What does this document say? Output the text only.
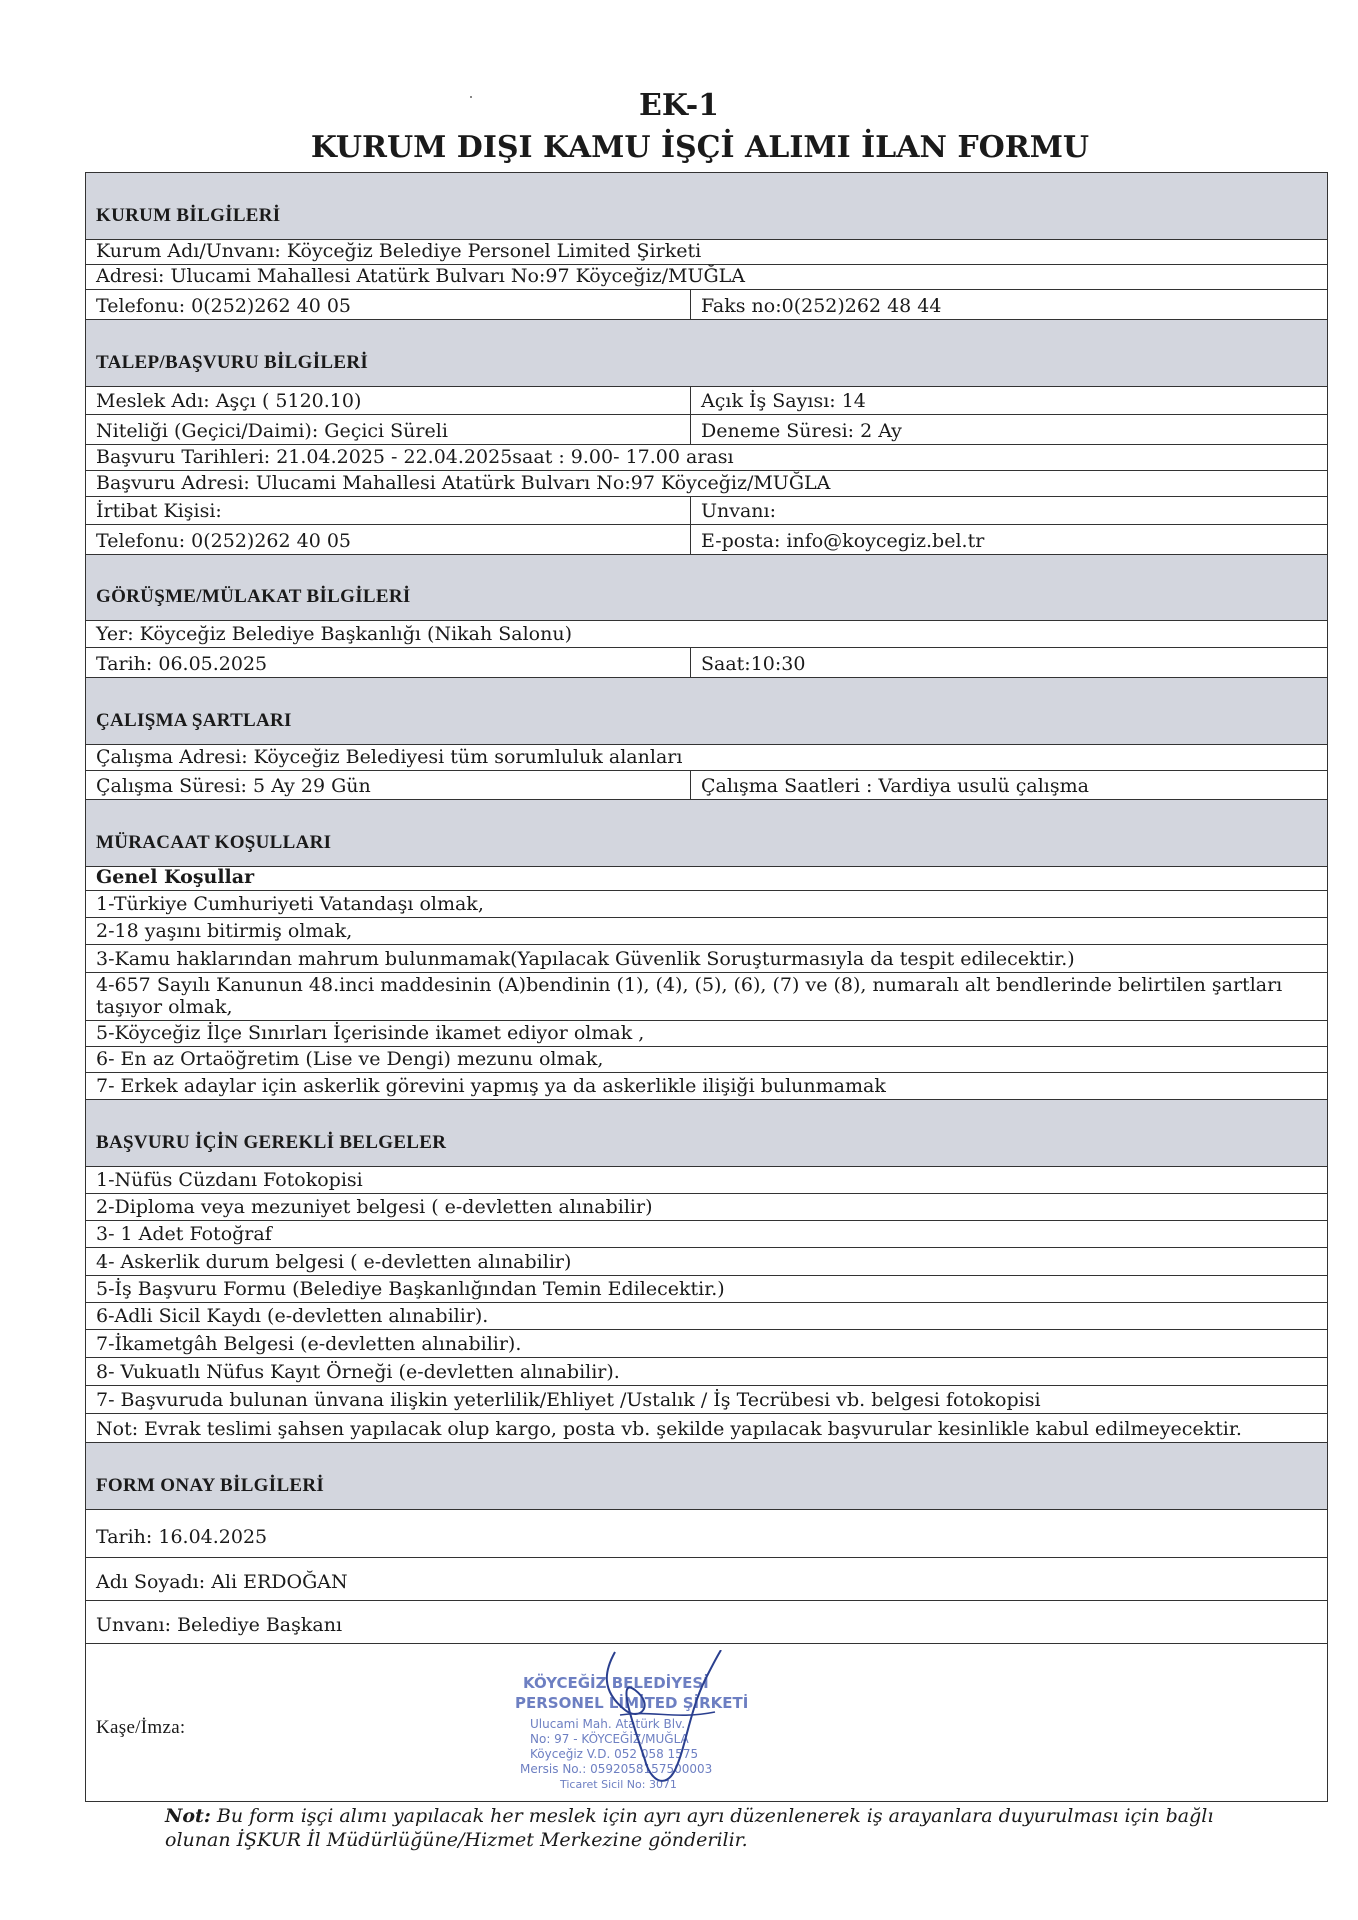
EK-1
KURUM DIŞI KAMU İŞÇİ ALIMI İLAN FORMU
KURUM BİLGİLERİ
Kurum Adı/Unvanı: Köyceğiz Belediye Personel Limited Şirketi
Adresi: Ulucami Mahallesi Atatürk Bulvarı No:97 Köyceğiz/MUĞLA
Telefonu: 0(252)262 40 05	Faks no:0(252)262 48 44
TALEP/BAŞVURU BİLGİLERİ
Meslek Adı: Aşçı ( 5120.10)	Açık İş Sayısı: 14
Niteliği (Geçici/Daimi): Geçici Süreli	Deneme Süresi: 2 Ay
Başvuru Tarihleri: 21.04.2025 - 22.04.2025saat : 9.00- 17.00 arası
Başvuru Adresi: Ulucami Mahallesi Atatürk Bulvarı No:97 Köyceğiz/MUĞLA
İrtibat Kişisi:	Unvanı:
Telefonu: 0(252)262 40 05	E-posta: info@koycegiz.bel.tr
GÖRÜŞME/MÜLAKAT BİLGİLERİ
Yer: Köyceğiz Belediye Başkanlığı (Nikah Salonu)
Tarih: 06.05.2025	Saat:10:30
ÇALIŞMA ŞARTLARI
Çalışma Adresi: Köyceğiz Belediyesi tüm sorumluluk alanları
Çalışma Süresi: 5 Ay 29 Gün	Çalışma Saatleri : Vardiya usulü çalışma
MÜRACAAT KOŞULLARI
Genel Koşullar
1-Türkiye Cumhuriyeti Vatandaşı olmak,
2-18 yaşını bitirmiş olmak,
3-Kamu haklarından mahrum bulunmamak(Yapılacak Güvenlik Soruşturmasıyla da tespit edilecektir.)
4-657 Sayılı Kanunun 48.inci maddesinin (A)bendinin (1), (4), (5), (6), (7) ve (8), numaralı alt bendlerinde belirtilen şartları taşıyor olmak,
5-Köyceğiz İlçe Sınırları İçerisinde ikamet ediyor olmak ,
6- En az Ortaöğretim (Lise ve Dengi) mezunu olmak,
7- Erkek adaylar için askerlik görevini yapmış ya da askerlikle ilişiği bulunmamak
BAŞVURU İÇİN GEREKLİ BELGELER
1-Nüfüs Cüzdanı Fotokopisi
2-Diploma veya mezuniyet belgesi ( e-devletten alınabilir)
3- 1 Adet Fotoğraf
4- Askerlik durum belgesi ( e-devletten alınabilir)
5-İş Başvuru Formu (Belediye Başkanlığından Temin Edilecektir.)
6-Adli Sicil Kaydı (e-devletten alınabilir).
7-İkametgâh Belgesi (e-devletten alınabilir).
8- Vukuatlı Nüfus Kayıt Örneği (e-devletten alınabilir).
7- Başvuruda bulunan ünvana ilişkin yeterlilik/Ehliyet /Ustalık / İş Tecrübesi vb. belgesi fotokopisi
Not: Evrak teslimi şahsen yapılacak olup kargo, posta vb. şekilde yapılacak başvurular kesinlikle kabul edilmeyecektir.
FORM ONAY BİLGİLERİ
Tarih: 16.04.2025
Adı Soyadı: Ali ERDOĞAN
Unvanı: Belediye Başkanı
Kaşe/İmza:
KÖYCEĞİZ BELEDİYESİ
PERSONEL LİMİTED ŞİRKETİ
Ulucami Mah. Atatürk Blv.
No: 97 - KÖYCEĞİZ/MUĞLA
Köyceğiz V.D. 052 058 1575
Mersis No.: 0592058157500003
Ticaret Sicil No: 3071
Not: Bu form işçi alımı yapılacak her meslek için ayrı ayrı düzenlenerek iş arayanlara duyurulması için bağlı olunan İŞKUR İl Müdürlüğüne/Hizmet Merkezine gönderilir.
